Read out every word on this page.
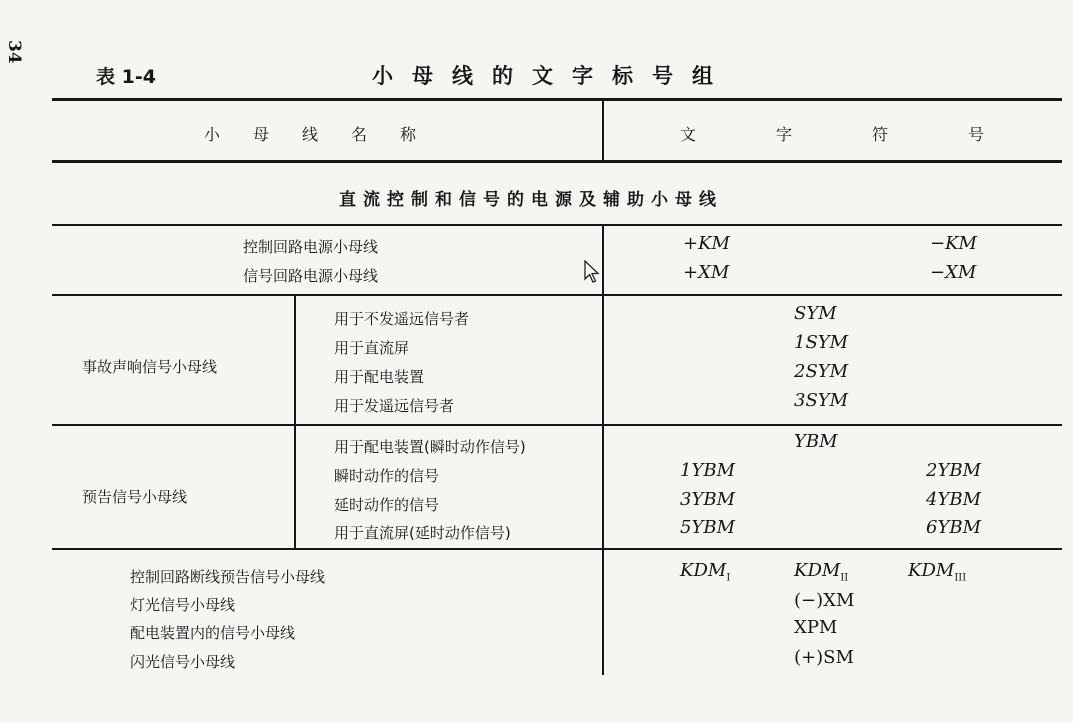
34
表 1-4	小母线的文字标号组
小母线名称	文	字	符	号
直流控制和信号的电源及辅助小母线
控制回路电源小母线	+KM	−KM
信号回路电源小母线	+XM	−XM
事故声响信号小母线
用于不发遥远信号者	SYM
用于直流屏	1SYM
用于配电装置	2SYM
用于发遥远信号者	3SYM
预告信号小母线
用于配电装置(瞬时动作信号)	YBM
瞬时动作的信号	1YBM	2YBM
延时动作的信号	3YBM	4YBM
用于直流屏(延时动作信号)	5YBM	6YBM
控制回路断线预告信号小母线	$KDM_I$	$KDM_{II}$	$KDM_{III}$
灯光信号小母线	(−)XM
配电装置内的信号小母线	XPM
闪光信号小母线	(+)SM
